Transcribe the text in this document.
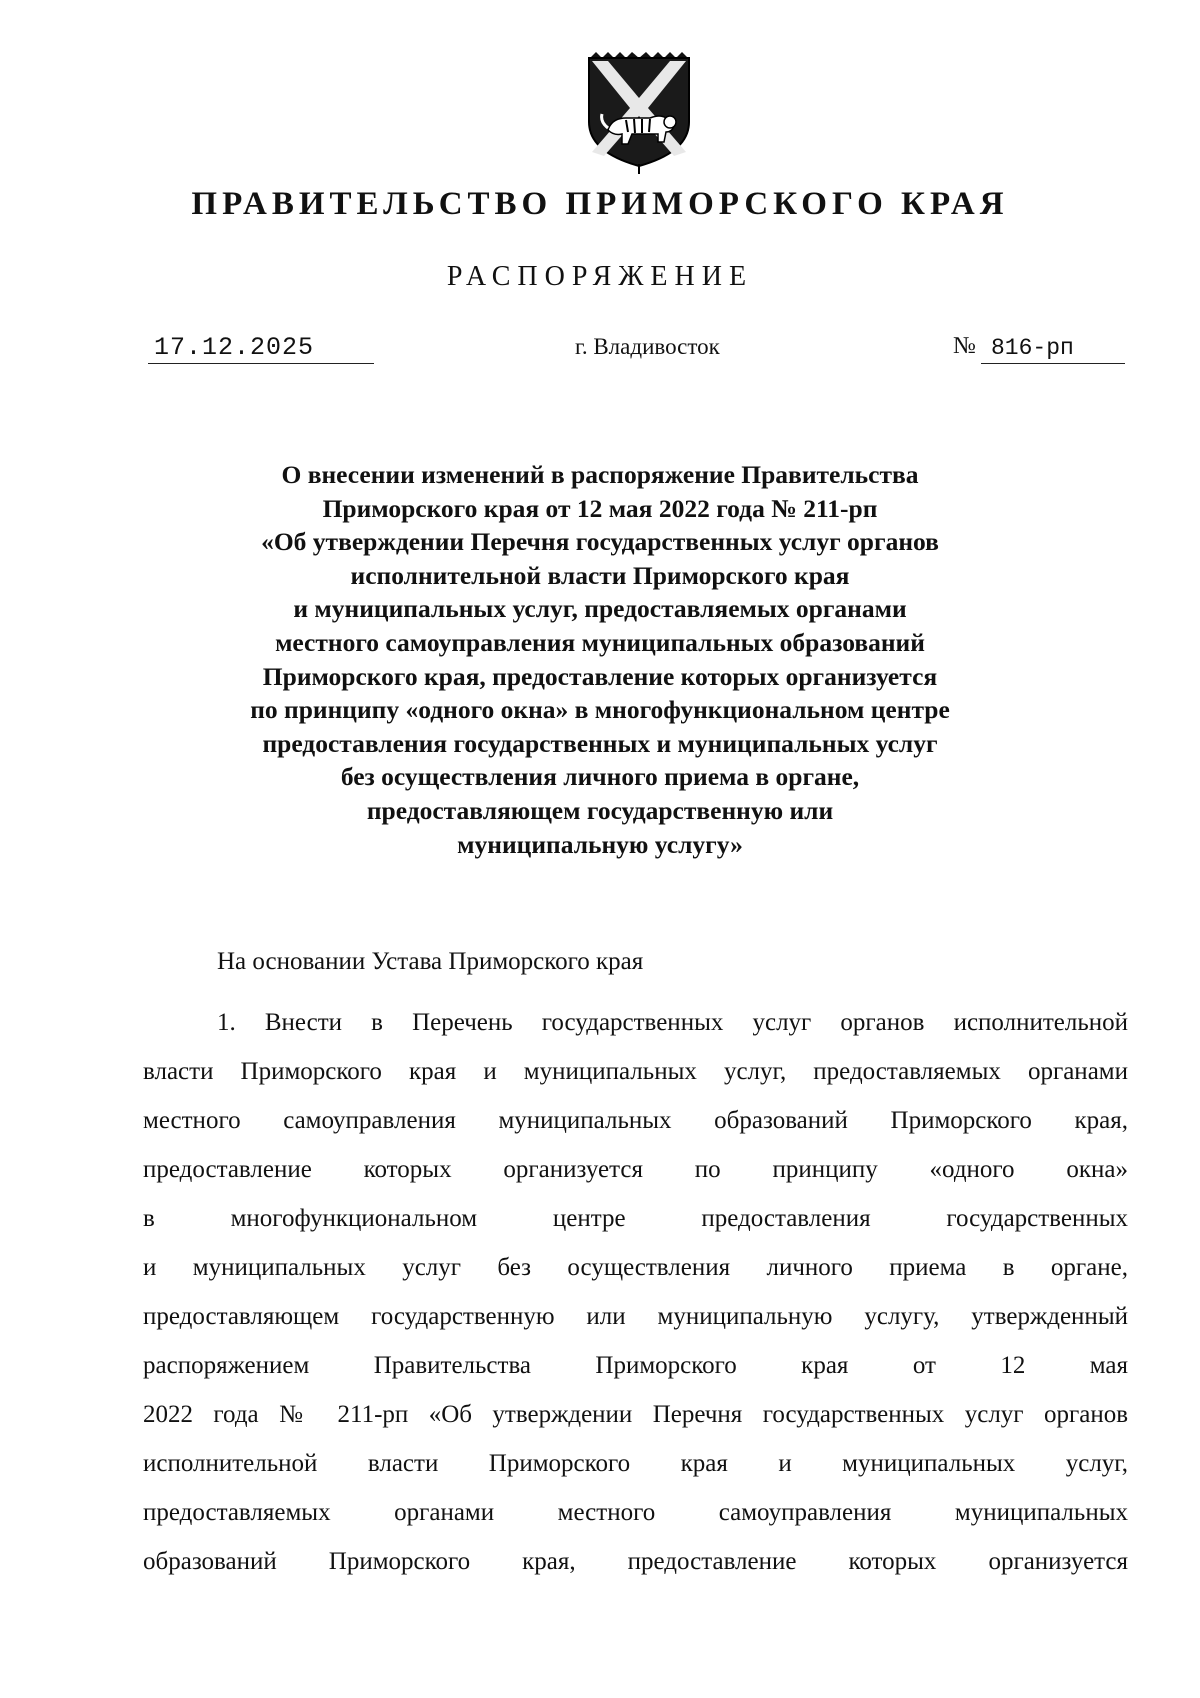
ПРАВИТЕЛЬСТВО ПРИМОРСКОГО КРАЯ
РАСПОРЯЖЕНИЕ
17.12.2025	г. Владивосток	№ 816-рп
О внесении изменений в распоряжение Правительства
Приморского края от 12 мая 2022 года № 211-рп
«Об утверждении Перечня государственных услуг органов
исполнительной власти Приморского края
и муниципальных услуг, предоставляемых органами
местного самоуправления муниципальных образований
Приморского края, предоставление которых организуется
по принципу «одного окна» в многофункциональном центре
предоставления государственных и муниципальных услуг
без осуществления личного приема в органе,
предоставляющем государственную или
муниципальную услугу»
На основании Устава Приморского края
1. Внести в Перечень государственных услуг органов исполнительной
власти Приморского края и муниципальных услуг, предоставляемых органами
местного самоуправления муниципальных образований Приморского края,
предоставление которых организуется по принципу «одного окна»
в многофункциональном центре предоставления государственных
и муниципальных услуг без осуществления личного приема в органе,
предоставляющем государственную или муниципальную услугу, утвержденный
распоряжением Правительства Приморского края от 12 мая
2022 года № 211-рп «Об утверждении Перечня государственных услуг органов
исполнительной власти Приморского края и муниципальных услуг,
предоставляемых органами местного самоуправления муниципальных
образований Приморского края, предоставление которых организуется
